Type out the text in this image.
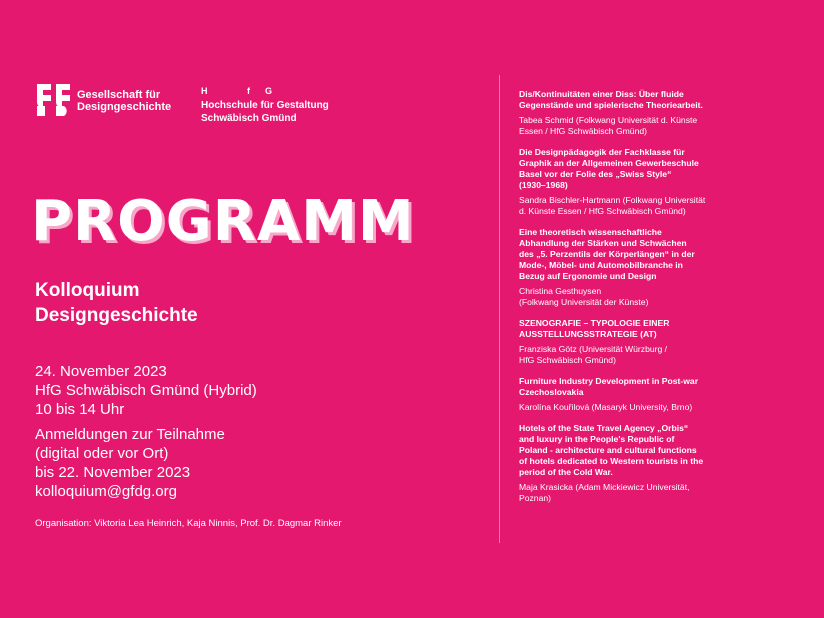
Gesellschaft für
Designgeschichte
H	f G
Hochschule für Gestaltung
Schwäbisch Gmünd
PROGRAMM
Kolloquium
Designgeschichte
24. November 2023
HfG Schwäbisch Gmünd (Hybrid)
10 bis 14 Uhr
Anmeldungen zur Teilnahme
(digital oder vor Ort)
bis 22. November 2023
kolloquium@gfdg.org
Organisation: Viktoria Lea Heinrich, Kaja Ninnis, Prof. Dr. Dagmar Rinker
Dis/Kontinuitäten einer Diss: Über fluide
Gegenstände und spielerische Theoriearbeit.
Tabea Schmid (Folkwang Universität d. Künste
Essen / HfG Schwäbisch Gmünd)
Die Designpädagogik der Fachklasse für
Graphik an der Allgemeinen Gewerbeschule
Basel vor der Folie des „Swiss Style“
(1930–1968)
Sandra Bischler-Hartmann (Folkwang Universität
d. Künste Essen / HfG Schwäbisch Gmünd)
Eine theoretisch wissenschaftliche
Abhandlung der Stärken und Schwächen
des „5. Perzentils der Körperlängen“ in der
Mode-, Möbel- und Automobilbranche in
Bezug auf Ergonomie und Design
Christina Gesthuysen
(Folkwang Universität der Künste)
SZENOGRAFIE – TYPOLOGIE EINER
AUSSTELLUNGSSTRATEGIE (AT)
Franziska Götz (Universität Würzburg /
HfG Schwäbisch Gmünd)
Furniture Industry Development in Post-war
Czechoslovakia
Karolína Kouřilová (Masaryk University, Brno)
Hotels of the State Travel Agency „Orbis“
and luxury in the People's Republic of
Poland - architecture and cultural functions
of hotels dedicated to Western tourists in the
period of the Cold War.
Maja Krasicka (Adam Mickiewicz Universität,
Poznan)
